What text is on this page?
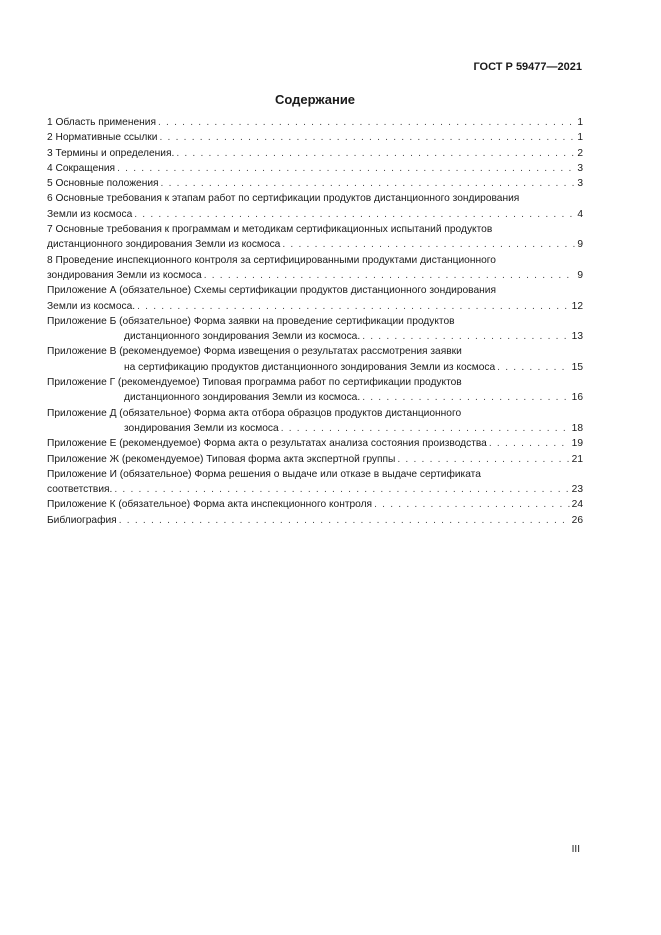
ГОСТ Р 59477—2021
Содержание
1 Область применения . . .	1
2 Нормативные ссылки . . .	1
3 Термины и определения. . . .	2
4 Сокращения . . .	3
5 Основные положения . . .	3
6 Основные требования к этапам работ по сертификации продуктов дистанционного зондирования
Земли из космоса . . .	4
7 Основные требования к программам и методикам сертификационных испытаний продуктов
дистанционного зондирования Земли из космоса . . .	9
8 Проведение инспекционного контроля за сертифицированными продуктами дистанционного
зондирования Земли из космоса . . .	9
Приложение А (обязательное) Схемы сертификации продуктов дистанционного зондирования
Земли из космоса. . . .	12
Приложение Б (обязательное) Форма заявки на проведение сертификации продуктов
дистанционного зондирования Земли из космоса. . . .	13
Приложение В (рекомендуемое) Форма извещения о результатах рассмотрения заявки
на сертификацию продуктов дистанционного зондирования Земли из космоса . . .	15
Приложение Г (рекомендуемое) Типовая программа работ по сертификации продуктов
дистанционного зондирования Земли из космоса. . . .	16
Приложение Д (обязательное) Форма акта отбора образцов продуктов дистанционного
зондирования Земли из космоса . . .	18
Приложение Е (рекомендуемое) Форма акта о результатах анализа состояния производства . . .	19
Приложение Ж (рекомендуемое) Типовая форма акта экспертной группы . . .	21
Приложение И (обязательное) Форма решения о выдаче или отказе в выдаче сертификата
соответствия. . . .	23
Приложение К (обязательное) Форма акта инспекционного контроля . . .	24
Библиография . . .	26
III
